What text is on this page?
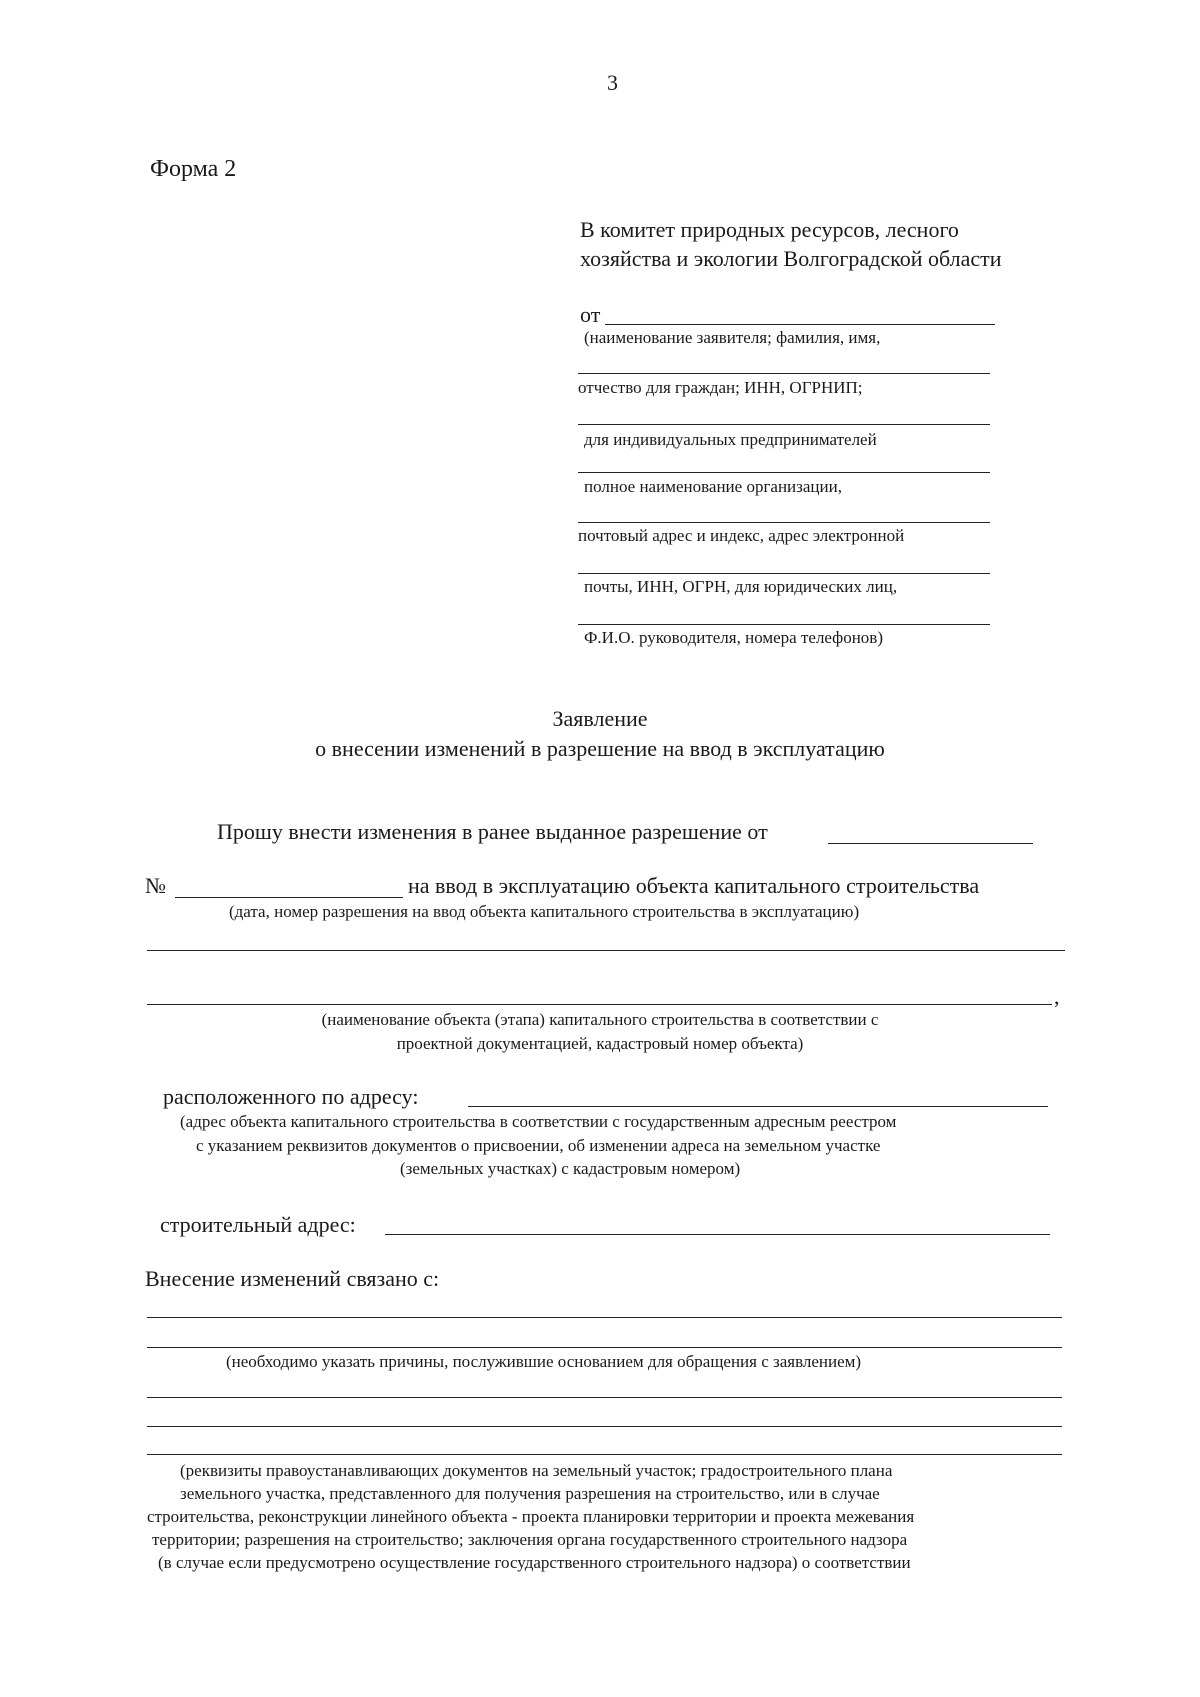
3
Форма 2
В комитет природных ресурсов, лесного
хозяйства и экологии Волгоградской области
от
(наименование заявителя; фамилия, имя,
отчество для граждан; ИНН, ОГРНИП;
для индивидуальных предпринимателей
полное наименование организации,
почтовый адрес и индекс, адрес электронной
почты, ИНН, ОГРН, для юридических лиц,
Ф.И.О. руководителя, номера телефонов)
Заявление
о внесении изменений в разрешение на ввод в эксплуатацию
Прошу внести изменения в ранее выданное разрешение от
№	на ввод в эксплуатацию объекта капитального строительства
(дата, номер разрешения на ввод объекта капитального строительства в эксплуатацию)
,
(наименование объекта (этапа) капитального строительства в соответствии с
проектной документацией, кадастровый номер объекта)
расположенного по адресу:
(адрес объекта капитального строительства в соответствии с государственным адресным реестром
с указанием реквизитов документов о присвоении, об изменении адреса на земельном участке
(земельных участках) с кадастровым номером)
строительный адрес:
Внесение изменений связано с:
(необходимо указать причины, послужившие основанием для обращения с заявлением)
(реквизиты правоустанавливающих документов на земельный участок; градостроительного плана
земельного участка, представленного для получения разрешения на строительство, или в случае
строительства, реконструкции линейного объекта - проекта планировки территории и проекта межевания
территории; разрешения на строительство; заключения органа государственного строительного надзора
(в случае если предусмотрено осуществление государственного строительного надзора) о соответствии
